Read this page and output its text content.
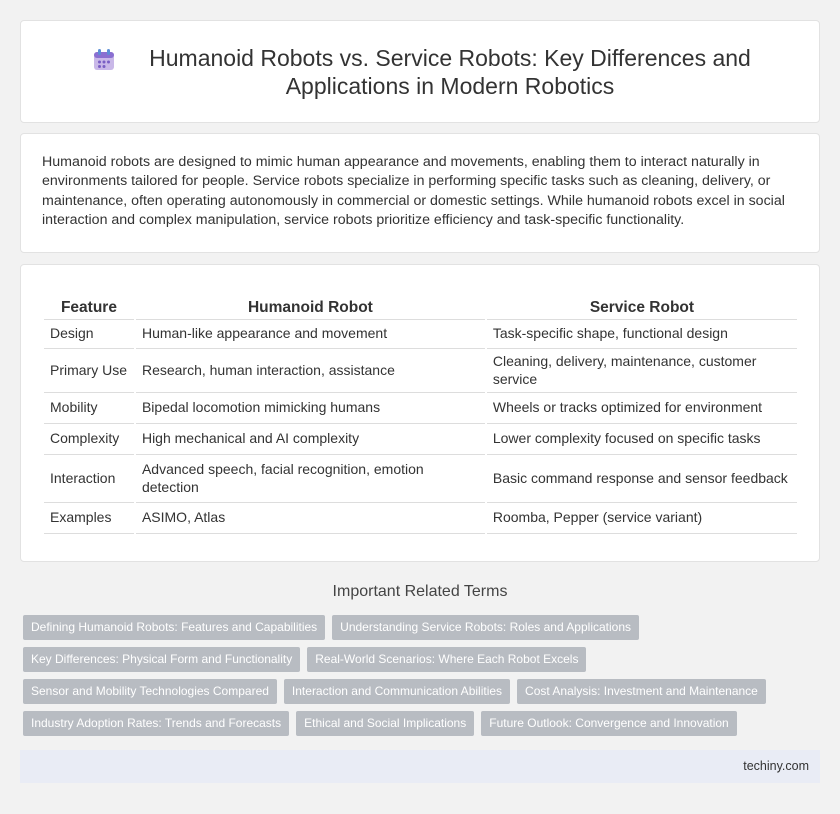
Humanoid Robots vs. Service Robots: Key Differences and Applications in Modern Robotics

Humanoid robots are designed to mimic human appearance and movements, enabling them to interact naturally in environments tailored for people. Service robots specialize in performing specific tasks such as cleaning, delivery, or maintenance, often operating autonomously in commercial or domestic settings. While humanoid robots excel in social interaction and complex manipulation, service robots prioritize efficiency and task-specific functionality.

Feature	Humanoid Robot	Service Robot
Design	Human-like appearance and movement	Task-specific shape, functional design
Primary Use	Research, human interaction, assistance	Cleaning, delivery, maintenance, customer service
Mobility	Bipedal locomotion mimicking humans	Wheels or tracks optimized for environment
Complexity	High mechanical and AI complexity	Lower complexity focused on specific tasks
Interaction	Advanced speech, facial recognition, emotion detection	Basic command response and sensor feedback
Examples	ASIMO, Atlas	Roomba, Pepper (service variant)
Important Related Terms
Defining Humanoid Robots: Features and Capabilities	Understanding Service Robots: Roles and Applications
Key Differences: Physical Form and Functionality	Real-World Scenarios: Where Each Robot Excels
Sensor and Mobility Technologies Compared	Interaction and Communication Abilities	Cost Analysis: Investment and Maintenance
Industry Adoption Rates: Trends and Forecasts	Ethical and Social Implications	Future Outlook: Convergence and Innovation
techiny.com
